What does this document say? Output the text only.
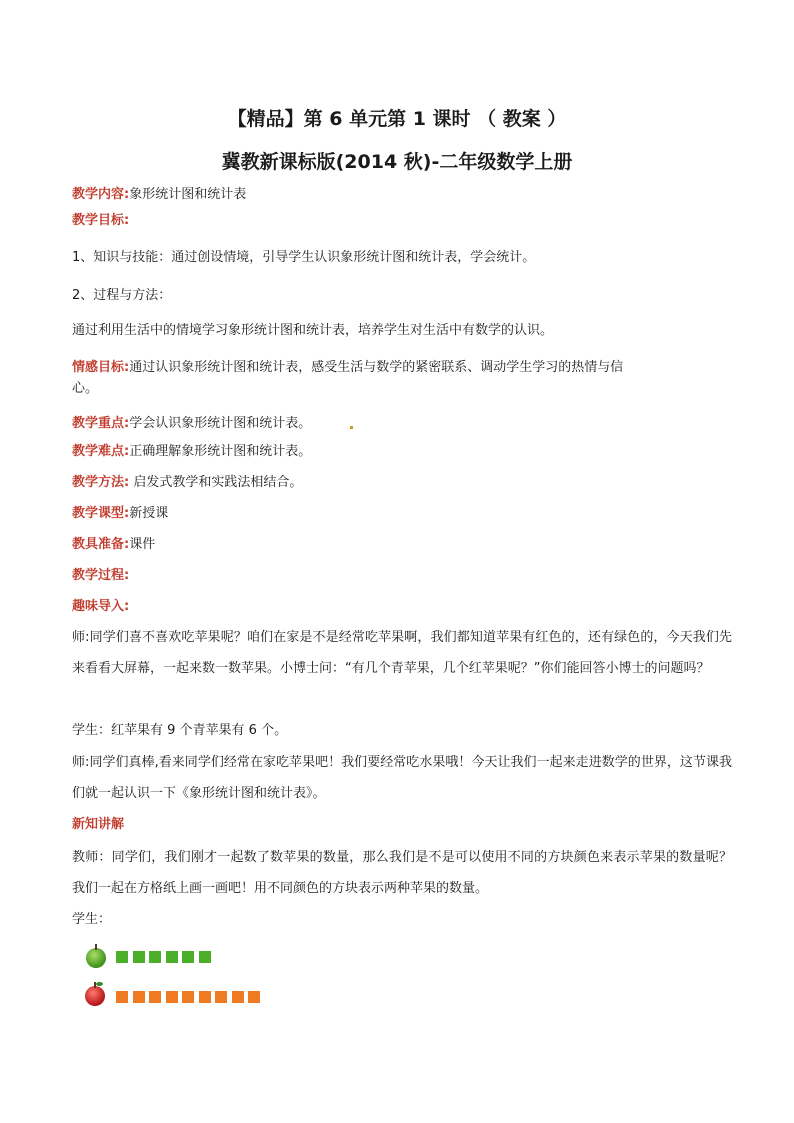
【精品】第 6 单元第 1 课时 （ 教案 ）
冀教新课标版(2014 秋)-二年级数学上册
教学内容:象形统计图和统计表
教学目标:
1、知识与技能：通过创设情境，引导学生认识象形统计图和统计表，学会统计。
2、过程与方法：
通过利用生活中的情境学习象形统计图和统计表，培养学生对生活中有数学的认识。
情感目标:通过认识象形统计图和统计表，感受生活与数学的紧密联系、调动学生学习的热情与信
心。
教学重点:学会认识象形统计图和统计表。
教学难点:正确理解象形统计图和统计表。
教学方法: 启发式教学和实践法相结合。
教学课型:新授课
教具准备:课件
教学过程:
趣味导入:
师:同学们喜不喜欢吃苹果呢？咱们在家是不是经常吃苹果啊，我们都知道苹果有红色的，还有绿色的，今天我们先来看看大屏幕，一起来数一数苹果。小博士问：“有几个青苹果，几个红苹果呢？”你们能回答小博士的问题吗？
学生：红苹果有 9 个青苹果有 6 个。
师:同学们真棒,看来同学们经常在家吃苹果吧！我们要经常吃水果哦！今天让我们一起来走进数学的世界，这节课我们就一起认识一下《象形统计图和统计表》。
新知讲解
教师：同学们，我们刚才一起数了数苹果的数量，那么我们是不是可以使用不同的方块颜色来表示苹果的数量呢？我们一起在方格纸上画一画吧！用不同颜色的方块表示两种苹果的数量。
学生：
